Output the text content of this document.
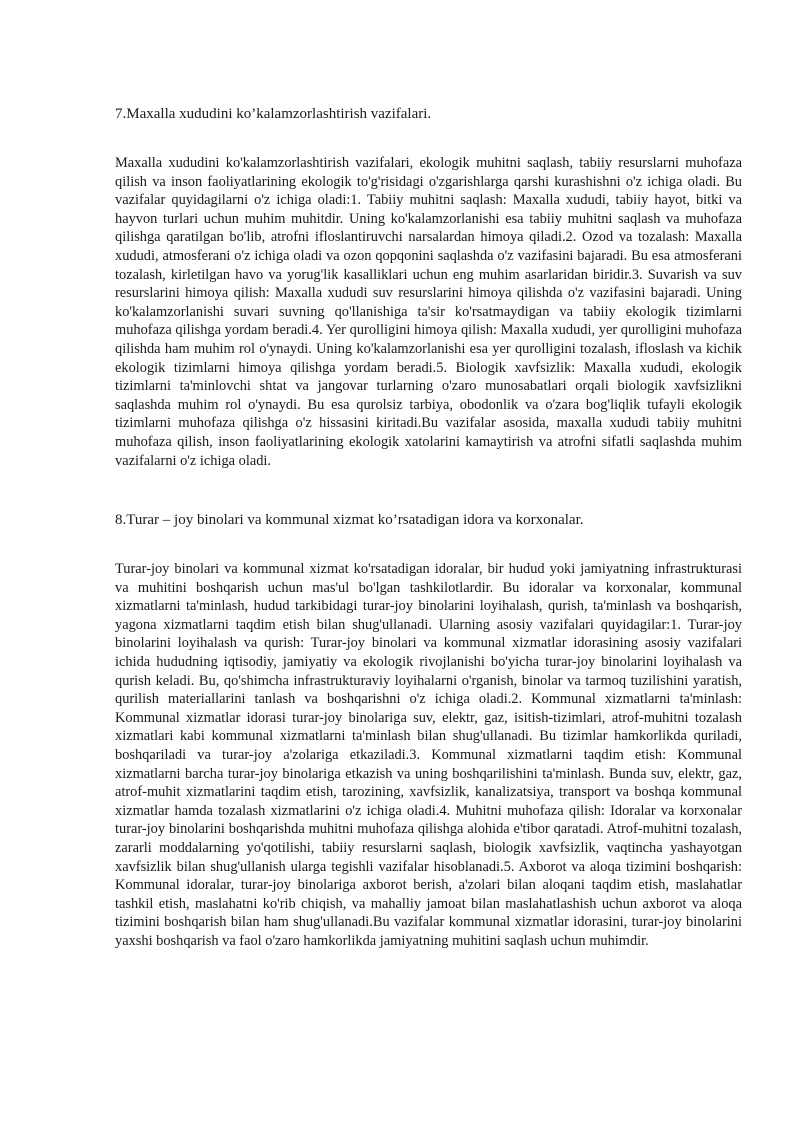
7.Maxalla xududini ko’kalamzorlashtirish vazifalari.

Maxalla xududini ko'kalamzorlashtirish vazifalari, ekologik muhitni saqlash, tabiiy resurslarni muhofaza qilish va inson faoliyatlarining ekologik to'g'risidagi o'zgarishlarga qarshi kurashishni o'z ichiga oladi. Bu vazifalar quyidagilarni o'z ichiga oladi:1. Tabiiy muhitni saqlash: Maxalla xududi, tabiiy hayot, bitki va hayvon turlari uchun muhim muhitdir. Uning ko'kalamzorlanishi esa tabiiy muhitni saqlash va muhofaza qilishga qaratilgan bo'lib, atrofni ifloslantiruvchi narsalardan himoya qiladi.2. Ozod va tozalash: Maxalla xududi, atmosferani o'z ichiga oladi va ozon qopqonini saqlashda o'z vazifasini bajaradi. Bu esa atmosferani tozalash, kirletilgan havo va yorug'lik kasalliklari uchun eng muhim asarlaridan biridir.3. Suvarish va suv resurslarini himoya qilish: Maxalla xududi suv resurslarini himoya qilishda o'z vazifasini bajaradi. Uning ko'kalamzorlanishi suvari suvning qo'llanishiga ta'sir ko'rsatmaydigan va tabiiy ekologik tizimlarni muhofaza qilishga yordam beradi.4. Yer qurolligini himoya qilish: Maxalla xududi, yer qurolligini muhofaza qilishda ham muhim rol o'ynaydi. Uning ko'kalamzorlanishi esa yer qurolligini tozalash, ifloslash va kichik ekologik tizimlarni himoya qilishga yordam beradi.5. Biologik xavfsizlik: Maxalla xududi, ekologik tizimlarni ta'minlovchi shtat va jangovar turlarning o'zaro munosabatlari orqali biologik xavfsizlikni saqlashda muhim rol o'ynaydi. Bu esa qurolsiz tarbiya, obodonlik va o'zara bog'liqlik tufayli ekologik tizimlarni muhofaza qilishga o'z hissasini kiritadi.Bu vazifalar asosida, maxalla xududi tabiiy muhitni muhofaza qilish, inson faoliyatlarining ekologik xatolarini kamaytirish va atrofni sifatli saqlashda muhim vazifalarni o'z ichiga oladi.

8.Turar – joy binolari va kommunal xizmat ko’rsatadigan idora va korxonalar.

Turar-joy binolari va kommunal xizmat ko'rsatadigan idoralar, bir hudud yoki jamiyatning infrastrukturasi va muhitini boshqarish uchun mas'ul bo'lgan tashkilotlardir. Bu idoralar va korxonalar, kommunal xizmatlarni ta'minlash, hudud tarkibidagi turar-joy binolarini loyihalash, qurish, ta'minlash va boshqarish, yagona xizmatlarni taqdim etish bilan shug'ullanadi. Ularning asosiy vazifalari quyidagilar:1. Turar-joy binolarini loyihalash va qurish: Turar-joy binolari va kommunal xizmatlar idorasining asosiy vazifalari ichida hududning iqtisodiy, jamiyatiy va ekologik rivojlanishi bo'yicha turar-joy binolarini loyihalash va qurish keladi. Bu, qo'shimcha infrastrukturaviy loyihalarni o'rganish, binolar va tarmoq tuzilishini yaratish, qurilish materiallarini tanlash va boshqarishni o'z ichiga oladi.2. Kommunal xizmatlarni ta'minlash: Kommunal xizmatlar idorasi turar-joy binolariga suv, elektr, gaz, isitish-tizimlari, atrof-muhitni tozalash xizmatlari kabi kommunal xizmatlarni ta'minlash bilan shug'ullanadi. Bu tizimlar hamkorlikda quriladi, boshqariladi va turar-joy a'zolariga etkaziladi.3. Kommunal xizmatlarni taqdim etish: Kommunal xizmatlarni barcha turar-joy binolariga etkazish va uning boshqarilishini ta'minlash. Bunda suv, elektr, gaz, atrof-muhit xizmatlarini taqdim etish, tarozining, xavfsizlik, kanalizatsiya, transport va boshqa kommunal xizmatlar hamda tozalash xizmatlarini o'z ichiga oladi.4. Muhitni muhofaza qilish: Idoralar va korxonalar turar-joy binolarini boshqarishda muhitni muhofaza qilishga alohida e'tibor qaratadi. Atrof-muhitni tozalash, zararli moddalarning yo'qotilishi, tabiiy resurslarni saqlash, biologik xavfsizlik, vaqtincha yashayotgan xavfsizlik bilan shug'ullanish ularga tegishli vazifalar hisoblanadi.5. Axborot va aloqa tizimini boshqarish: Kommunal idoralar, turar-joy binolariga axborot berish, a'zolari bilan aloqani taqdim etish, maslahatlar tashkil etish, maslahatni ko'rib chiqish, va mahalliy jamoat bilan maslahatlashish uchun axborot va aloqa tizimini boshqarish bilan ham shug'ullanadi.Bu vazifalar kommunal xizmatlar idorasini, turar-joy binolarini yaxshi boshqarish va faol o'zaro hamkorlikda jamiyatning muhitini saqlash uchun muhimdir.
